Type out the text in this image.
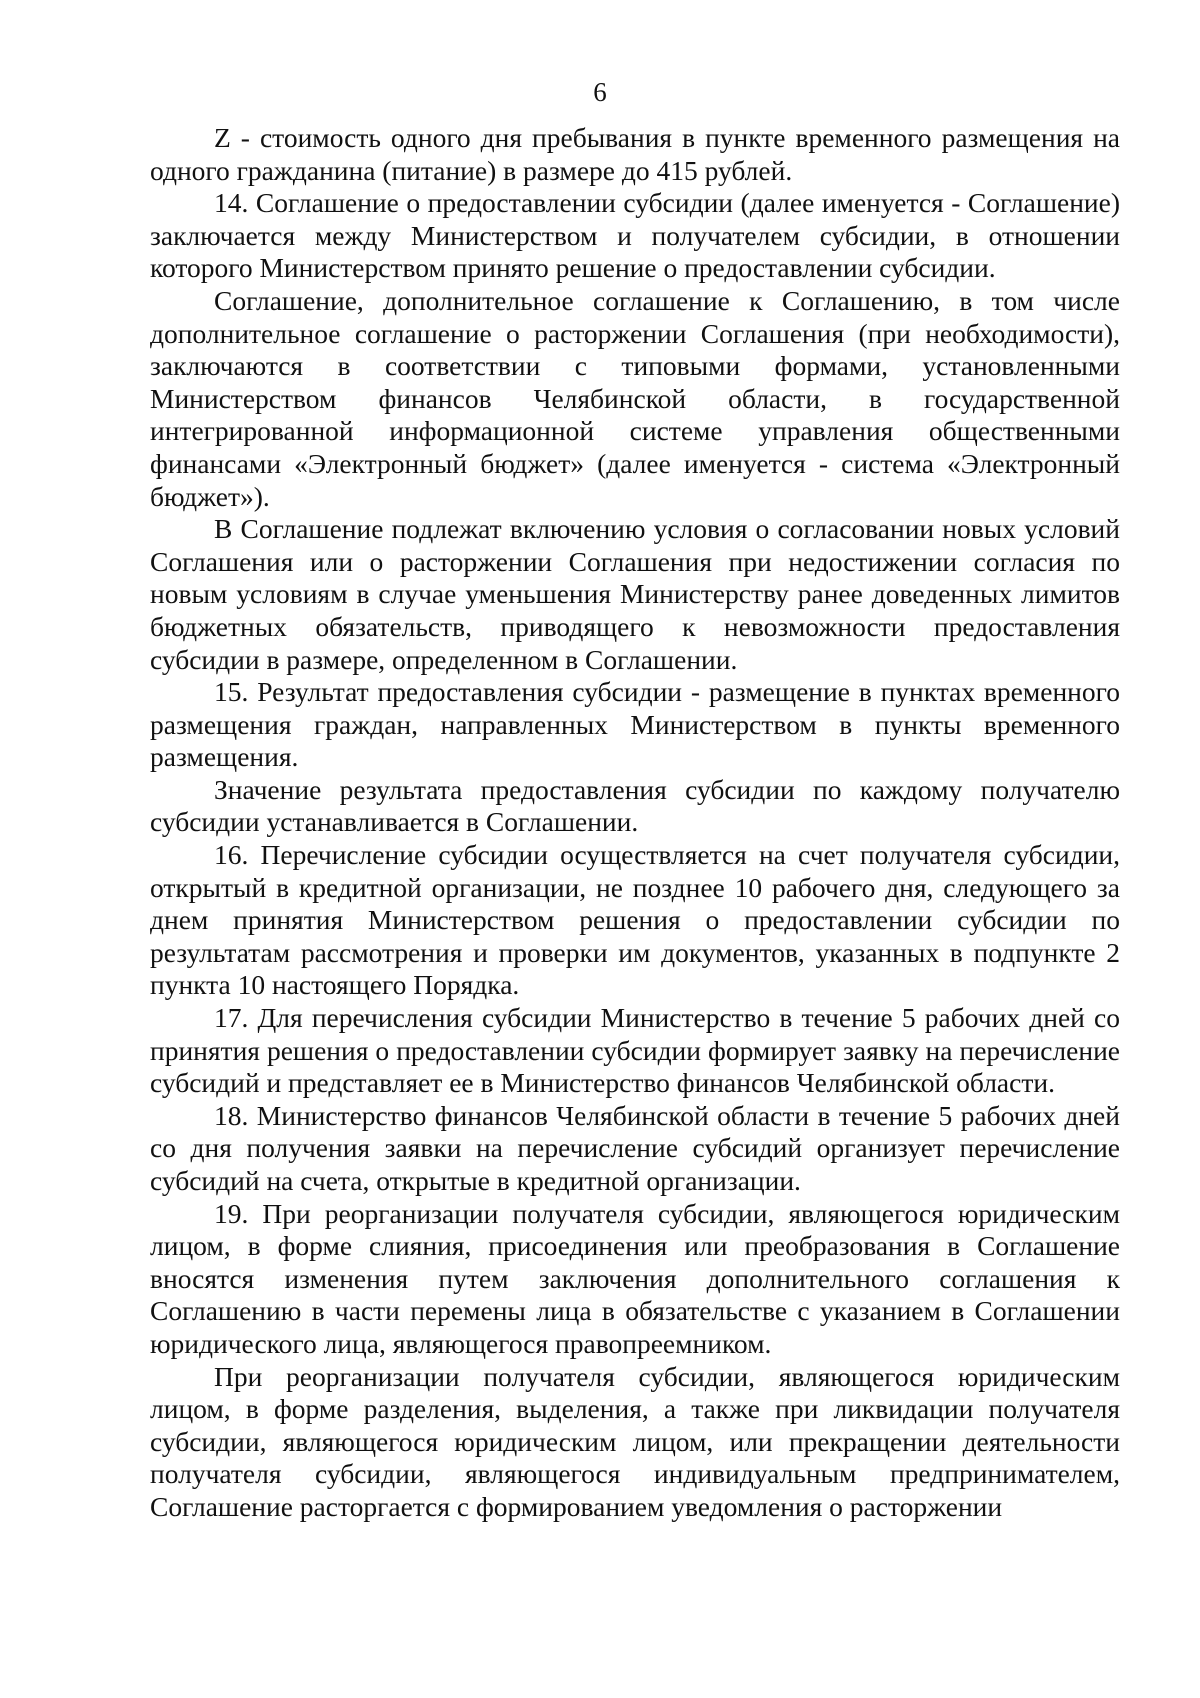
6

Z - стоимость одного дня пребывания в пункте временного размещения на одного гражданина (питание) в размере до 415 рублей.

14. Соглашение о предоставлении субсидии (далее именуется - Соглашение) заключается между Министерством и получателем субсидии, в отношении которого Министерством принято решение о предоставлении субсидии.

Соглашение, дополнительное соглашение к Соглашению, в том числе дополнительное соглашение о расторжении Соглашения (при необходимости), заключаются в соответствии с типовыми формами, установленными Министерством финансов Челябинской области, в государственной интегрированной информационной системе управления общественными финансами «Электронный бюджет» (далее именуется - система «Электронный бюджет»).

В Соглашение подлежат включению условия о согласовании новых условий Соглашения или о расторжении Соглашения при недостижении согласия по новым условиям в случае уменьшения Министерству ранее доведенных лимитов бюджетных обязательств, приводящего к невозможности предоставления субсидии в размере, определенном в Соглашении.

15. Результат предоставления субсидии - размещение в пунктах временного размещения граждан, направленных Министерством в пункты временного размещения.

Значение результата предоставления субсидии по каждому получателю субсидии устанавливается в Соглашении.

16. Перечисление субсидии осуществляется на счет получателя субсидии, открытый в кредитной организации, не позднее 10 рабочего дня, следующего за днем принятия Министерством решения о предоставлении субсидии по результатам рассмотрения и проверки им документов, указанных в подпункте 2 пункта 10 настоящего Порядка.

17. Для перечисления субсидии Министерство в течение 5 рабочих дней со принятия решения о предоставлении субсидии формирует заявку на перечисление субсидий и представляет ее в Министерство финансов Челябинской области.

18. Министерство финансов Челябинской области в течение 5 рабочих дней со дня получения заявки на перечисление субсидий организует перечисление субсидий на счета, открытые в кредитной организации.

19. При реорганизации получателя субсидии, являющегося юридическим лицом, в форме слияния, присоединения или преобразования в Соглашение вносятся изменения путем заключения дополнительного соглашения к Соглашению в части перемены лица в обязательстве с указанием в Соглашении юридического лица, являющегося правопреемником.

При реорганизации получателя субсидии, являющегося юридическим лицом, в форме разделения, выделения, а также при ликвидации получателя субсидии, являющегося юридическим лицом, или прекращении деятельности получателя субсидии, являющегося индивидуальным предпринимателем, Соглашение расторгается с формированием уведомления о расторжении
